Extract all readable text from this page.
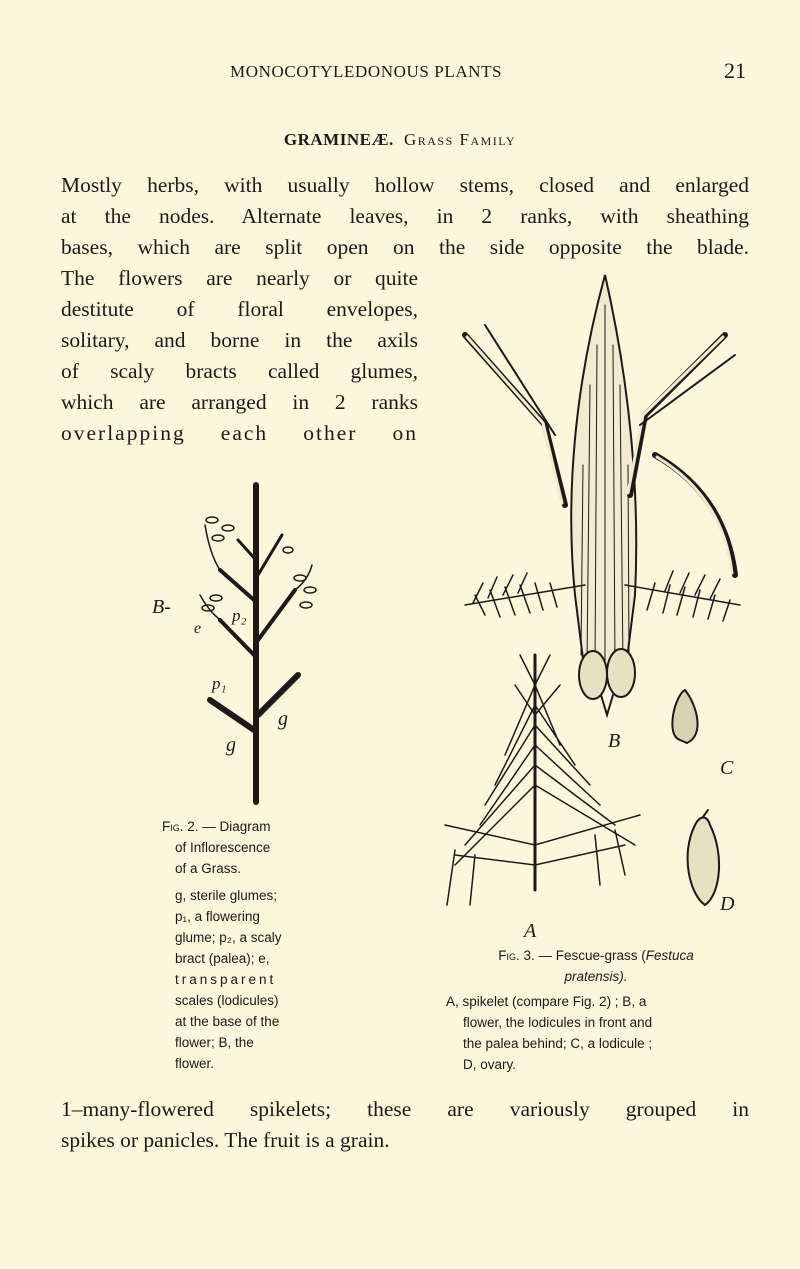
MONOCOTYLEDONOUS PLANTS	21
GRAMINEÆ. Grass Family
Mostly herbs, with usually hollow stems, closed and enlarged
at the nodes. Alternate leaves, in 2 ranks, with sheathing
bases, which are split open on the side opposite the blade.
The flowers are nearly or quite
destitute of floral envelopes,
solitary, and borne in the axils
of scaly bracts called glumes,
which are arranged in 2 ranks
overlapping each other on
B-
e
p₂
p₁
g
g
Fig. 2. — Diagram
of Inflorescence
of a Grass.
g, sterile glumes;
p₁, a flowering
glume; p₂, a scaly
bract (palea); e,
transparent
scales (lodicules)
at the base of the
flower; B, the
flower.
B
C
D
A
Fig. 3. — Fescue-grass (Festuca
pratensis).
A, spikelet (compare Fig. 2) ; B, a
flower, the lodicules in front and
the palea behind; C, a lodicule ;
D, ovary.
1–many-flowered spikelets; these are variously grouped in
spikes or panicles. The fruit is a grain.
